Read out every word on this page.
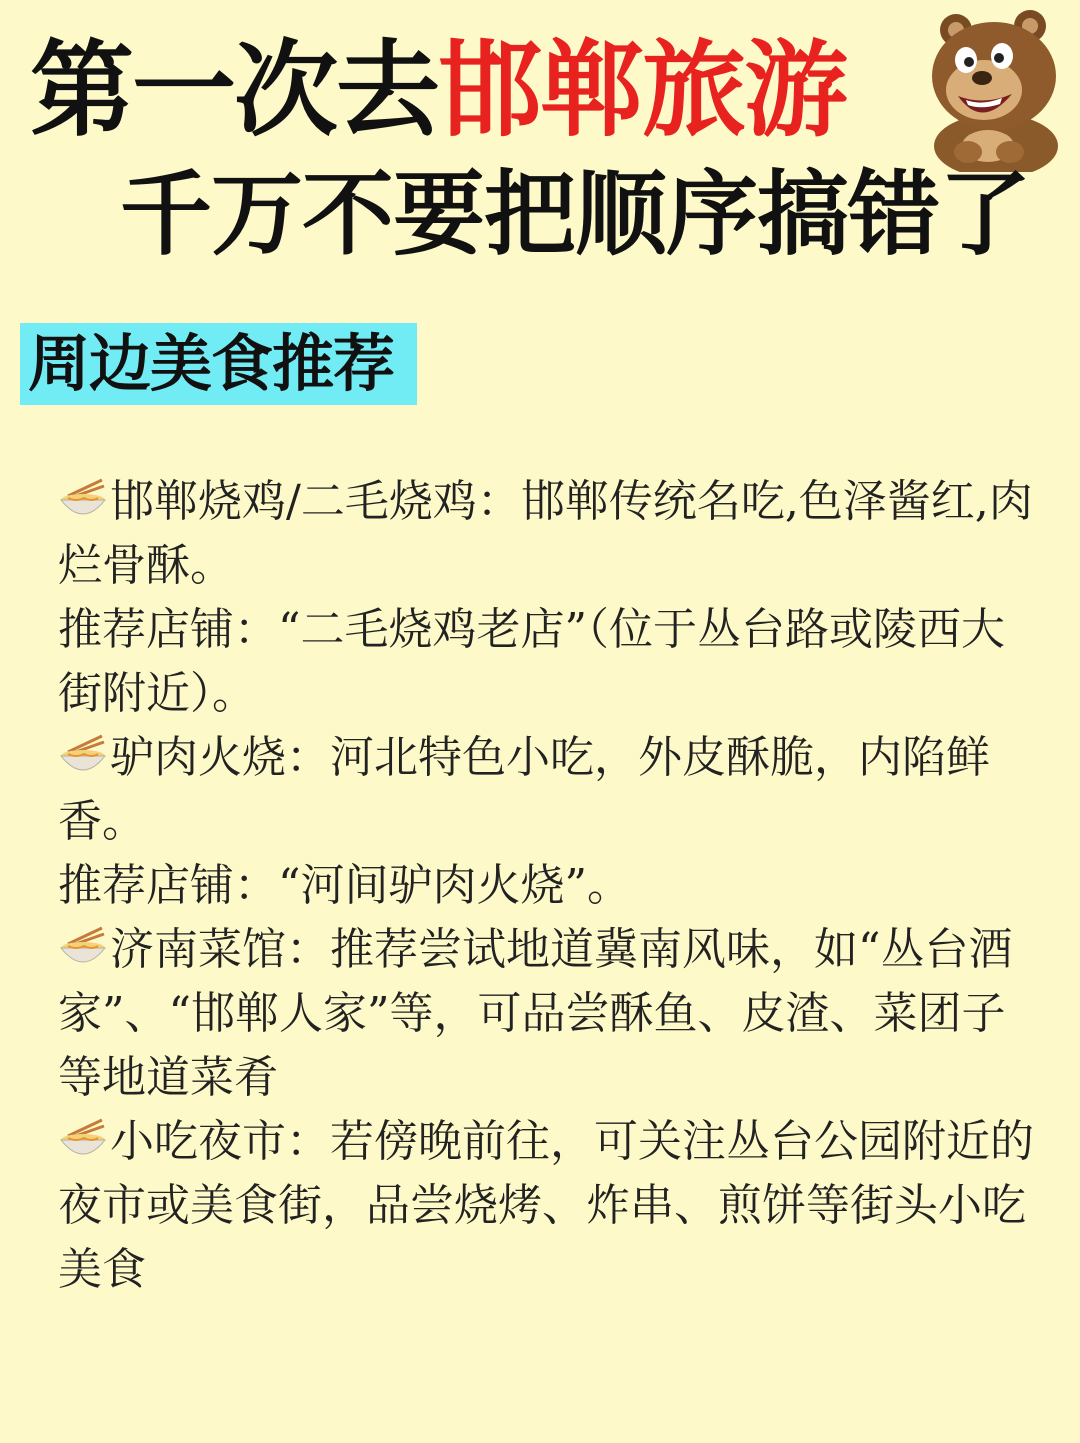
第一次去邯郸旅游
千万不要把顺序搞错了
周边美食推荐

邯郸烧鸡/二毛烧鸡：邯郸传统名吃,色泽酱红,肉烂骨酥。

推荐店铺：“二毛烧鸡老店”（位于丛台路或陵西大街附近）。

驴肉火烧：河北特色小吃，外皮酥脆，内陷鲜香。

推荐店铺：“河间驴肉火烧”。

济南菜馆：推荐尝试地道冀南风味，如“丛台酒家”、“邯郸人家”等，可品尝酥鱼、皮渣、菜团子等地道菜肴

小吃夜市：若傍晚前往，可关注丛台公园附近的夜市或美食街，品尝烧烤、炸串、煎饼等街头小吃美食
